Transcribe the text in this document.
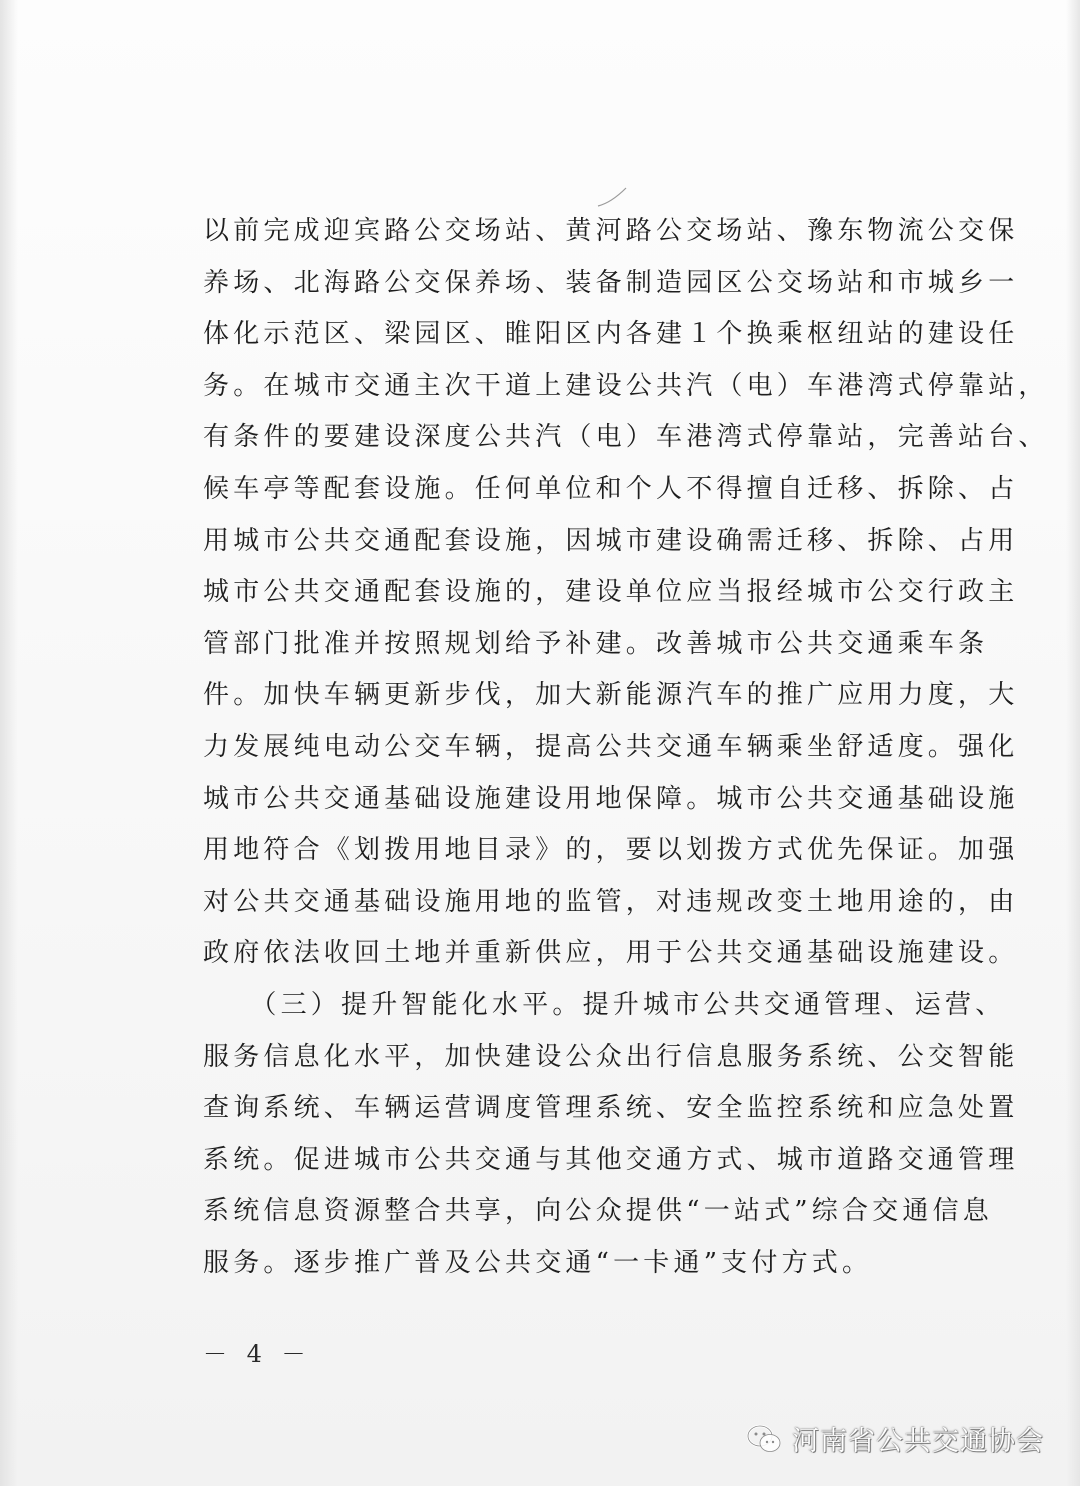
以前完成迎宾路公交场站、黄河路公交场站、豫东物流公交保
养场、北海路公交保养场、装备制造园区公交场站和市城乡一
体化示范区、梁园区、睢阳区内各建１个换乘枢纽站的建设任
务。在城市交通主次干道上建设公共汽（电）车港湾式停靠站，
有条件的要建设深度公共汽（电）车港湾式停靠站，完善站台、
候车亭等配套设施。任何单位和个人不得擅自迁移、拆除、占
用城市公共交通配套设施，因城市建设确需迁移、拆除、占用
城市公共交通配套设施的，建设单位应当报经城市公交行政主
管部门批准并按照规划给予补建。改善城市公共交通乘车条
件。加快车辆更新步伐，加大新能源汽车的推广应用力度，大
力发展纯电动公交车辆，提高公共交通车辆乘坐舒适度。强化
城市公共交通基础设施建设用地保障。城市公共交通基础设施
用地符合《划拨用地目录》的，要以划拨方式优先保证。加强
对公共交通基础设施用地的监管，对违规改变土地用途的，由
政府依法收回土地并重新供应，用于公共交通基础设施建设。
　　（三）提升智能化水平。提升城市公共交通管理、运营、
服务信息化水平，加快建设公众出行信息服务系统、公交智能
查询系统、车辆运营调度管理系统、安全监控系统和应急处置
系统。促进城市公共交通与其他交通方式、城市道路交通管理
系统信息资源整合共享，向公众提供“一站式”综合交通信息
服务。逐步推广普及公共交通“一卡通”支付方式。
－ 4 －
河南省公共交通协会
